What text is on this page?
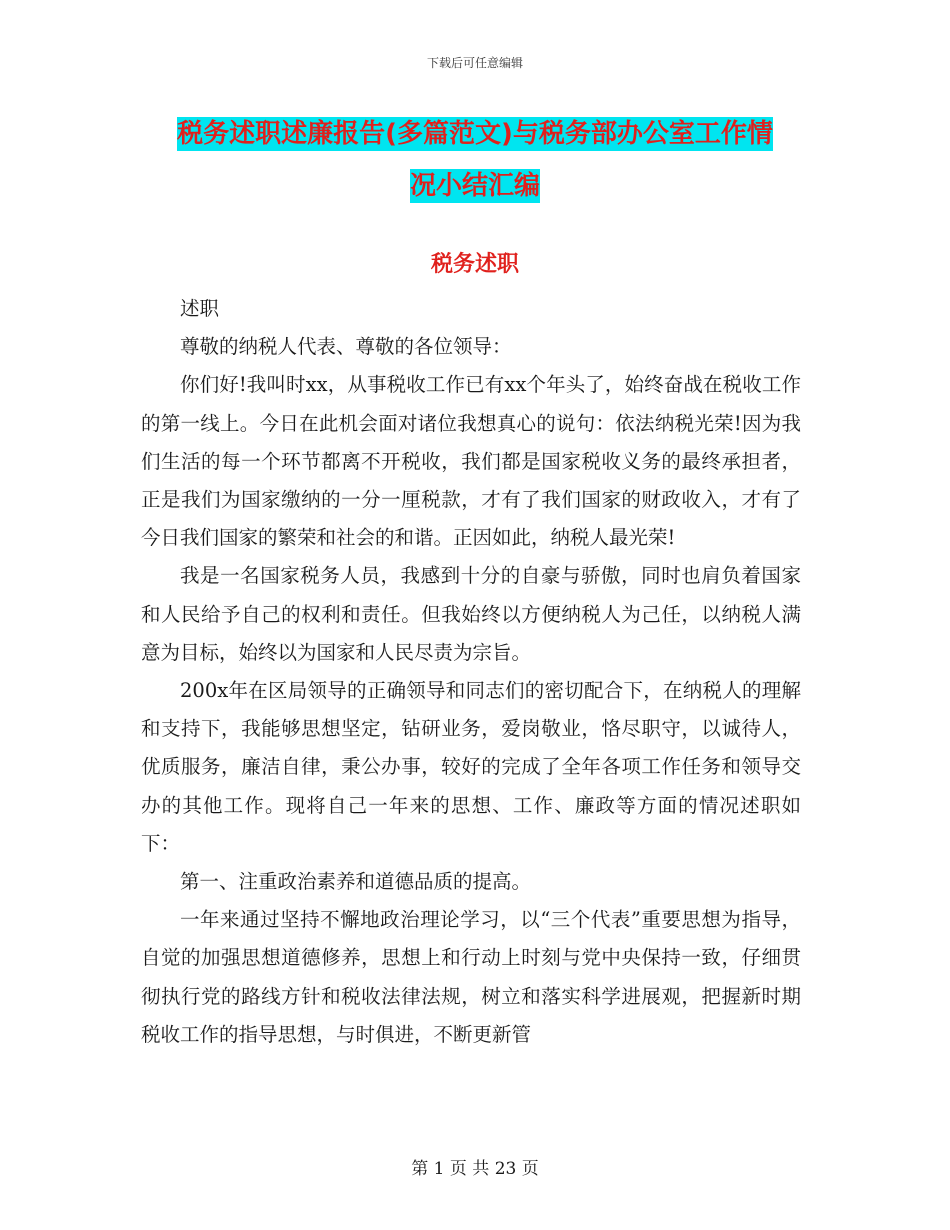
下载后可任意编辑
税务述职述廉报告(多篇范文)与税务部办公室工作情
况小结汇编
税务述职

述职

尊敬的纳税人代表、尊敬的各位领导：

你们好!我叫时xx，从事税收工作已有xx个年头了，始终奋战在税收工作的第一线上。今日在此机会面对诸位我想真心的说句：依法纳税光荣!因为我们生活的每一个环节都离不开税收，我们都是国家税收义务的最终承担者，正是我们为国家缴纳的一分一厘税款，才有了我们国家的财政收入，才有了今日我们国家的繁荣和社会的和谐。正因如此，纳税人最光荣!

我是一名国家税务人员，我感到十分的自豪与骄傲，同时也肩负着国家和人民给予自己的权利和责任。但我始终以方便纳税人为己任，以纳税人满意为目标，始终以为国家和人民尽责为宗旨。

200x年在区局领导的正确领导和同志们的密切配合下，在纳税人的理解和支持下，我能够思想坚定，钻研业务，爱岗敬业，恪尽职守，以诚待人，优质服务，廉洁自律，秉公办事，较好的完成了全年各项工作任务和领导交办的其他工作。现将自己一年来的思想、工作、廉政等方面的情况述职如下：

第一、注重政治素养和道德品质的提高。

一年来通过坚持不懈地政治理论学习，以“三个代表”重要思想为指导，自觉的加强思想道德修养，思想上和行动上时刻与党中央保持一致，仔细贯彻执行党的路线方针和税收法律法规，树立和落实科学进展观，把握新时期税收工作的指导思想，与时俱进，不断更新管

第 1 页 共 23 页
